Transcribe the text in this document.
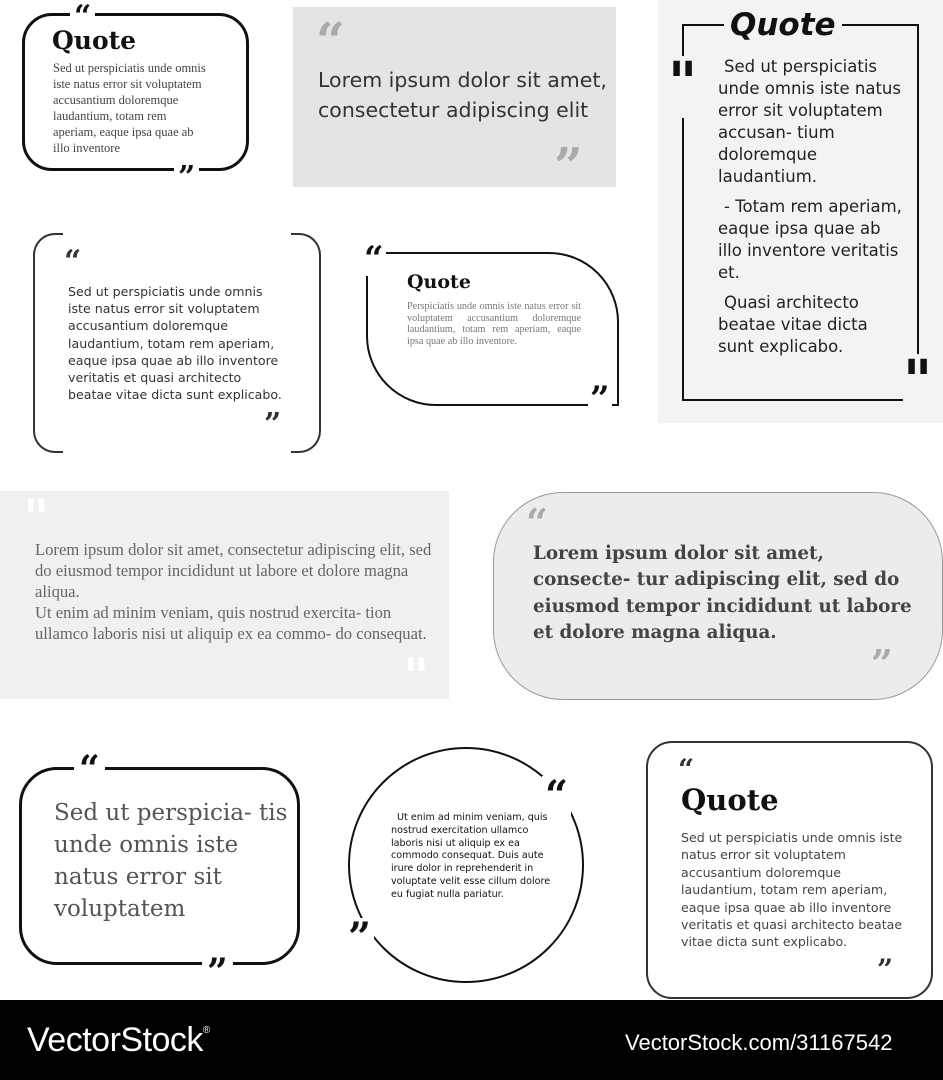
“
Quote
Sed ut perspiciatis unde omnis iste natus error sit voluptatem accusantium doloremque laudantium, totam rem aperiam, eaque ipsa quae ab illo inventore
”
“
Lorem ipsum dolor sit amet, consectetur adipiscing elit
”
Quote
"	Sed ut perspiciatis unde omnis iste natus error sit voluptatem accusan- tium doloremque laudantium.
- Totam rem aperiam, eaque ipsa quae ab illo inventore veritatis et.
Quasi architecto beatae vitae dicta sunt explicabo.
"
“
Sed ut perspiciatis unde omnis iste natus error sit voluptatem accusantium doloremque laudantium, totam rem aperiam, eaque ipsa quae ab illo inventore veritatis et quasi architecto beatae vitae dicta sunt explicabo.
”
“
Quote
Perspiciatis unde omnis iste natus error sit voluptatem accusantium doloremque laudantium, totam rem aperiam, eaque ipsa quae ab illo inventore.
”
"
Lorem ipsum dolor sit amet, consectetur adipiscing elit, sed do eiusmod tempor incididunt ut labore et dolore magna aliqua.
Ut enim ad minim veniam, quis nostrud exercita- tion ullamco laboris nisi ut aliquip ex ea commo- do consequat.
"
“
Lorem ipsum dolor sit amet, consecte- tur adipiscing elit, sed do eiusmod tempor incididunt ut labore et dolore magna aliqua.
”
“
Sed ut perspicia- tis unde omnis iste natus error sit voluptatem
”
“
Ut enim ad minim veniam, quis nostrud exercitation ullamco laboris nisi ut aliquip ex ea commodo consequat. Duis aute irure dolor in reprehenderit in voluptate velit esse cillum dolore eu fugiat nulla pariatur.
”
“
Quote
Sed ut perspiciatis unde omnis iste natus error sit voluptatem accusantium doloremque laudantium, totam rem aperiam, eaque ipsa quae ab illo inventore veritatis et quasi architecto beatae vitae dicta sunt explicabo.
”
VectorStock®	VectorStock.com/31167542
